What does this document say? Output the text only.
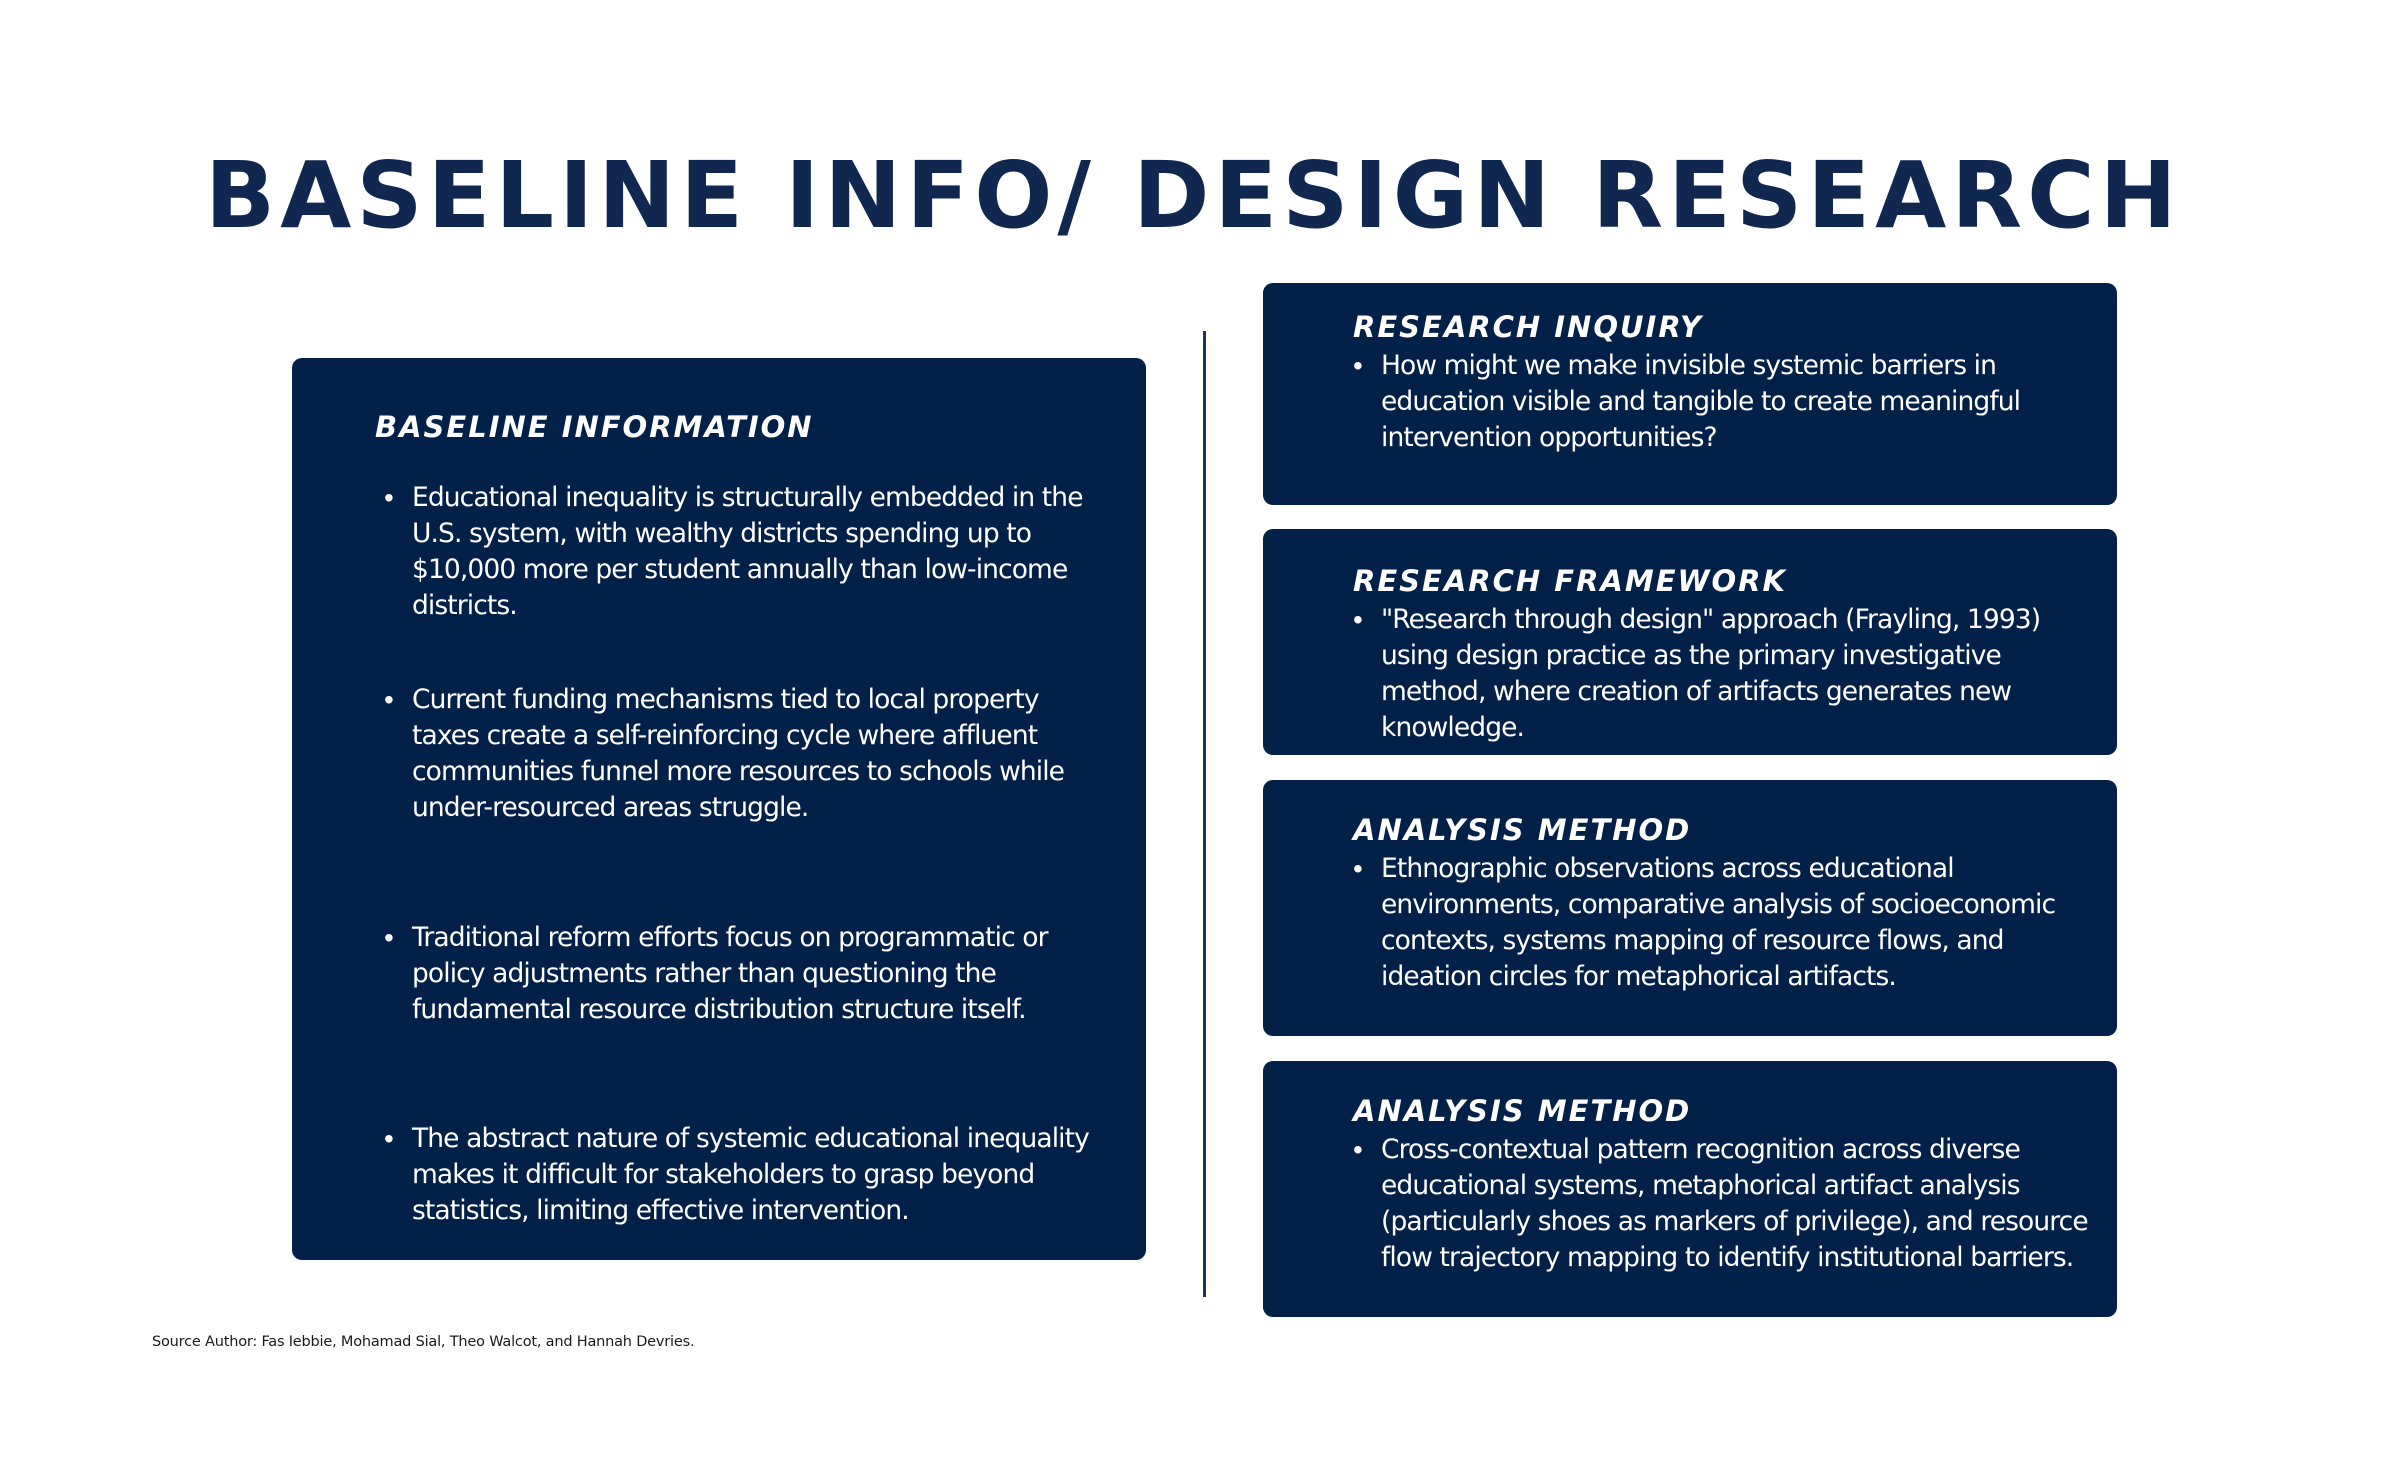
BASELINE INFO/ DESIGN RESEARCH
BASELINE INFORMATION
• Educational inequality is structurally embedded in the U.S. system, with wealthy districts spending up to $10,000 more per student annually than low-income districts.
• Current funding mechanisms tied to local property taxes create a self-reinforcing cycle where affluent communities funnel more resources to schools while under-resourced areas struggle.
• Traditional reform efforts focus on programmatic or policy adjustments rather than questioning the fundamental resource distribution structure itself.
• The abstract nature of systemic educational inequality makes it difficult for stakeholders to grasp beyond statistics, limiting effective intervention.
RESEARCH INQUIRY
• How might we make invisible systemic barriers in education visible and tangible to create meaningful intervention opportunities?
RESEARCH FRAMEWORK
• "Research through design" approach (Frayling, 1993) using design practice as the primary investigative method, where creation of artifacts generates new knowledge.
ANALYSIS METHOD
• Ethnographic observations across educational environments, comparative analysis of socioeconomic contexts, systems mapping of resource flows, and ideation circles for metaphorical artifacts.
ANALYSIS METHOD
• Cross-contextual pattern recognition across diverse educational systems, metaphorical artifact analysis (particularly shoes as markers of privilege), and resource flow trajectory mapping to identify institutional barriers.
Source Author: Fas Iebbie, Mohamad Sial, Theo Walcot, and Hannah Devries.
